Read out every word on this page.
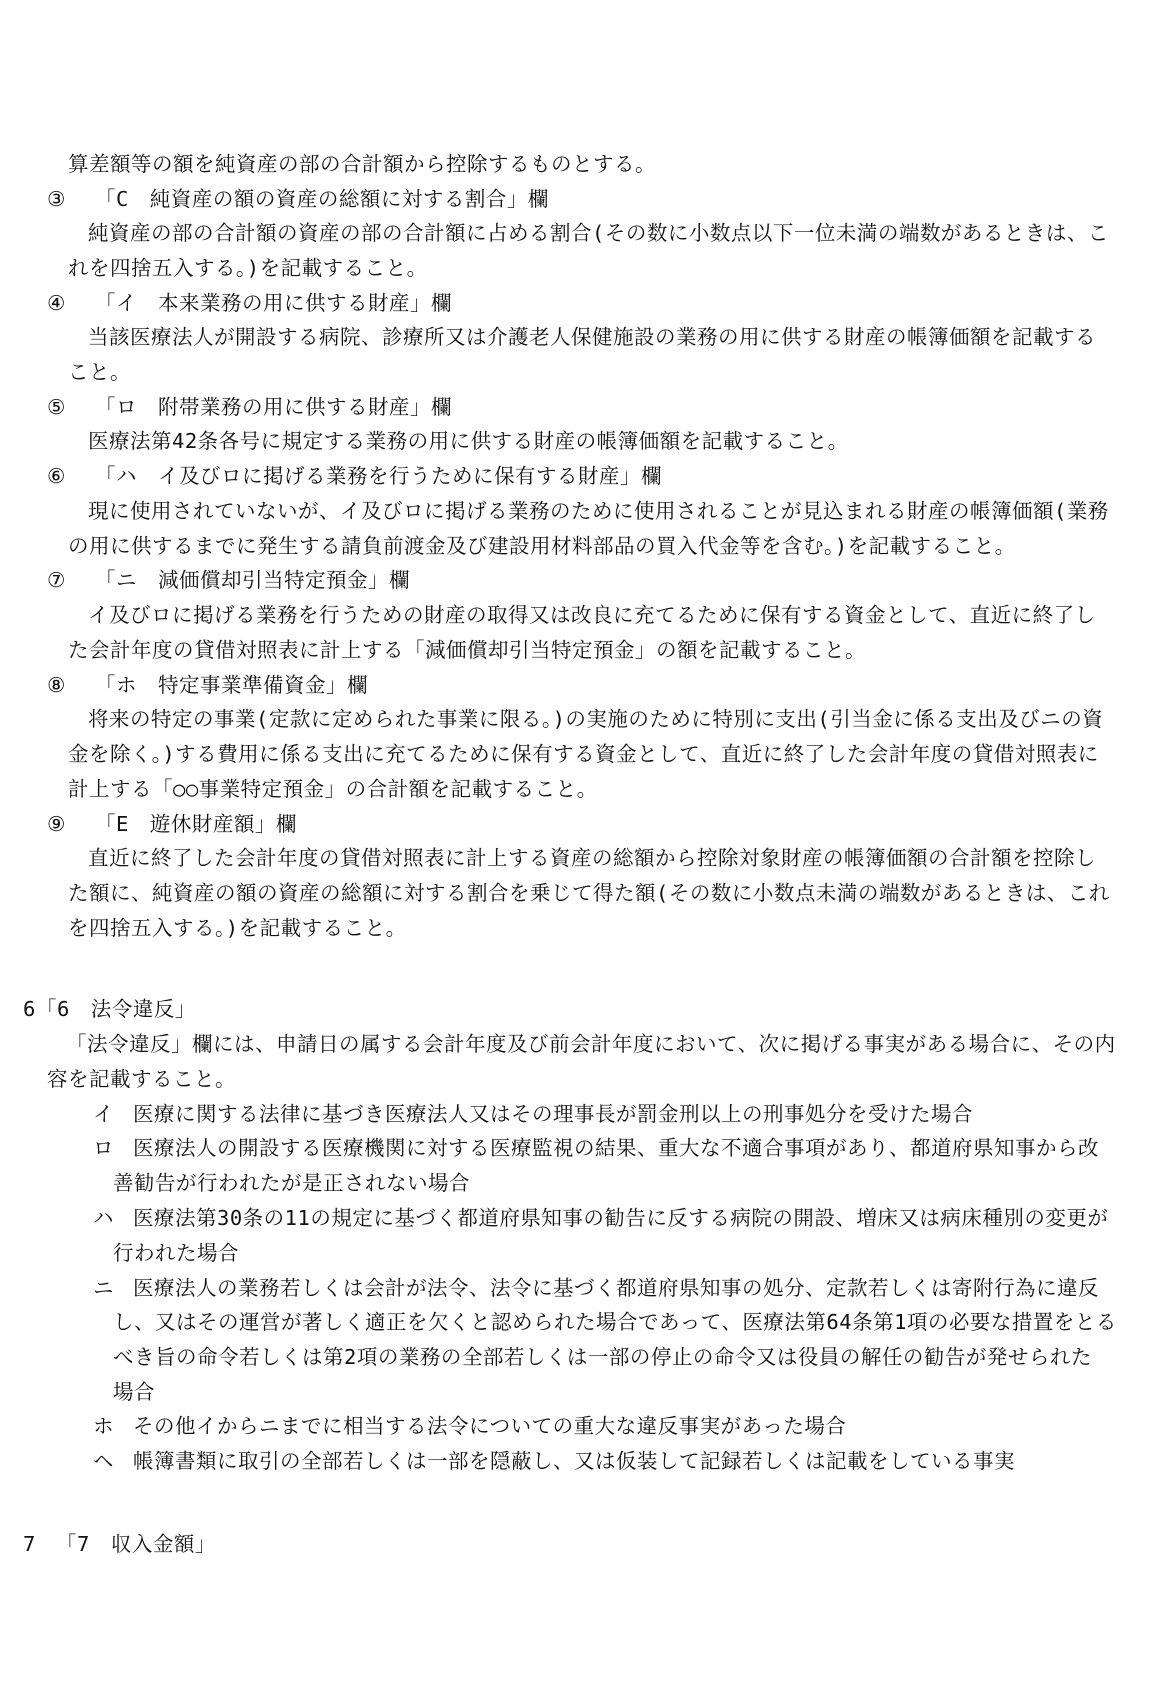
算差額等の額を純資産の部の合計額から控除するものとする。
③ 「C　純資産の額の資産の総額に対する割合」欄
純資産の部の合計額の資産の部の合計額に占める割合(その数に小数点以下一位未満の端数があるときは、こ
れを四捨五入する。)を記載すること。
④ 「イ　本来業務の用に供する財産」欄
当該医療法人が開設する病院、診療所又は介護老人保健施設の業務の用に供する財産の帳簿価額を記載する
こと。
⑤ 「ロ　附帯業務の用に供する財産」欄
医療法第42条各号に規定する業務の用に供する財産の帳簿価額を記載すること。
⑥ 「ハ　イ及びロに掲げる業務を行うために保有する財産」欄
現に使用されていないが、イ及びロに掲げる業務のために使用されることが見込まれる財産の帳簿価額(業務
の用に供するまでに発生する請負前渡金及び建設用材料部品の買入代金等を含む。)を記載すること。
⑦ 「ニ　減価償却引当特定預金」欄
イ及びロに掲げる業務を行うための財産の取得又は改良に充てるために保有する資金として、直近に終了し
た会計年度の貸借対照表に計上する「減価償却引当特定預金」の額を記載すること。
⑧ 「ホ　特定事業準備資金」欄
将来の特定の事業(定款に定められた事業に限る。)の実施のために特別に支出(引当金に係る支出及びニの資
金を除く。)する費用に係る支出に充てるために保有する資金として、直近に終了した会計年度の貸借対照表に
計上する「○○事業特定預金」の合計額を記載すること。
⑨ 「E　遊休財産額」欄
直近に終了した会計年度の貸借対照表に計上する資産の総額から控除対象財産の帳簿価額の合計額を控除し
た額に、純資産の額の資産の総額に対する割合を乗じて得た額(その数に小数点未満の端数があるときは、これ
を四捨五入する。)を記載すること。
6 「6　法令違反」
「法令違反」欄には、申請日の属する会計年度及び前会計年度において、次に掲げる事実がある場合に、その内
容を記載すること。
イ 医療に関する法律に基づき医療法人又はその理事長が罰金刑以上の刑事処分を受けた場合
ロ 医療法人の開設する医療機関に対する医療監視の結果、重大な不適合事項があり、都道府県知事から改
善勧告が行われたが是正されない場合
ハ 医療法第30条の11の規定に基づく都道府県知事の勧告に反する病院の開設、増床又は病床種別の変更が
行われた場合
ニ 医療法人の業務若しくは会計が法令、法令に基づく都道府県知事の処分、定款若しくは寄附行為に違反
し、又はその運営が著しく適正を欠くと認められた場合であって、医療法第64条第1項の必要な措置をとる
べき旨の命令若しくは第2項の業務の全部若しくは一部の停止の命令又は役員の解任の勧告が発せられた
場合
ホ その他イからニまでに相当する法令についての重大な違反事実があった場合
ヘ 帳簿書類に取引の全部若しくは一部を隠蔽し、又は仮装して記録若しくは記載をしている事実
7 「7　収入金額」
